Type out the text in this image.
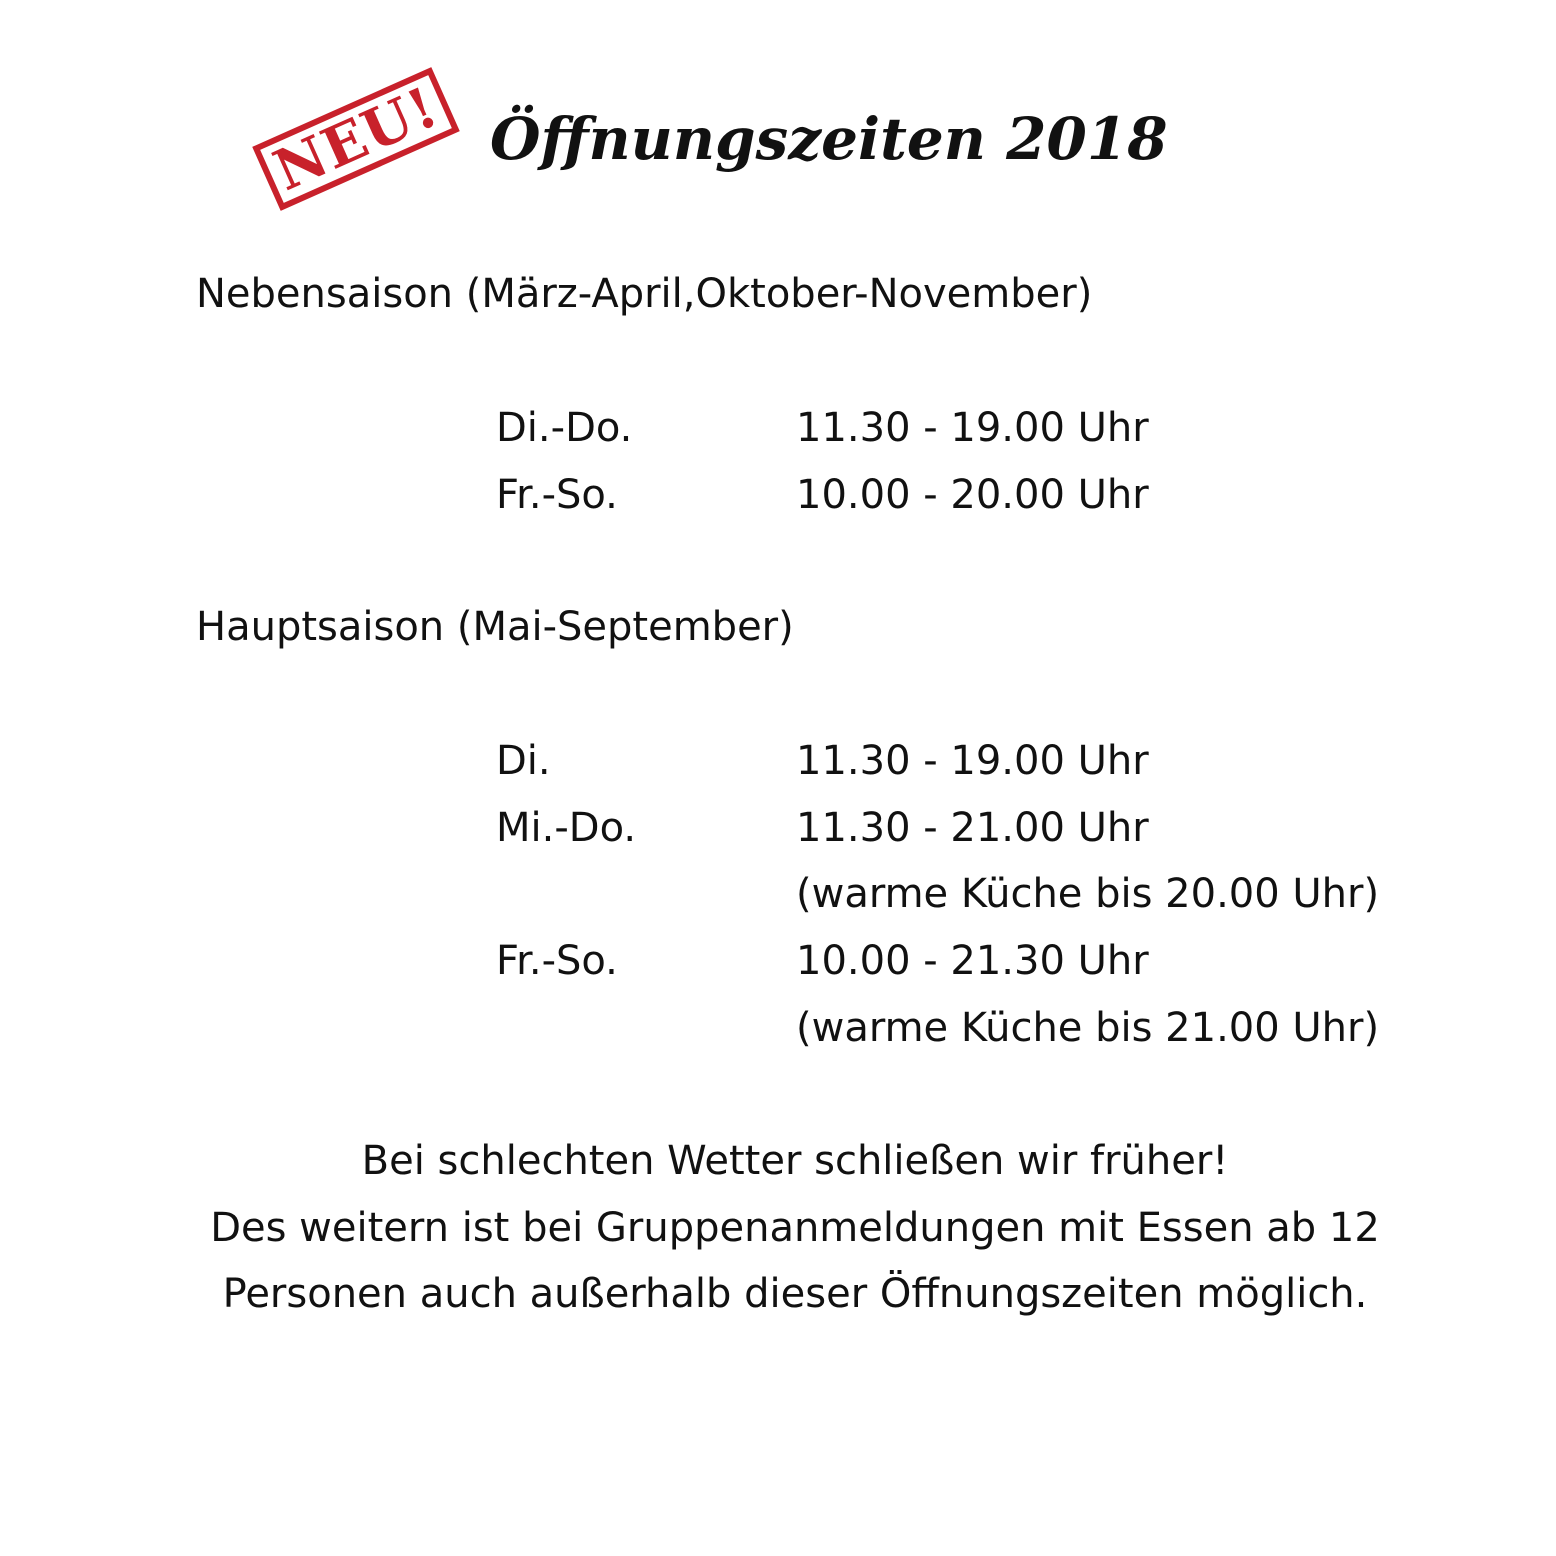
NEU! Öffnungszeiten 2018
Nebensaison (März-April,Oktober-November)
Di.-Do.	11.30 - 19.00 Uhr
Fr.-So.	10.00 - 20.00 Uhr
Hauptsaison (Mai-September)
Di.	11.30 - 19.00 Uhr
Mi.-Do.	11.30 - 21.00 Uhr
(warme Küche bis 20.00 Uhr)
Fr.-So.	10.00 - 21.30 Uhr
(warme Küche bis 21.00 Uhr)
Bei schlechten Wetter schließen wir früher!
Des weitern ist bei Gruppenanmeldungen mit Essen ab 12
Personen auch außerhalb dieser Öffnungszeiten möglich.
